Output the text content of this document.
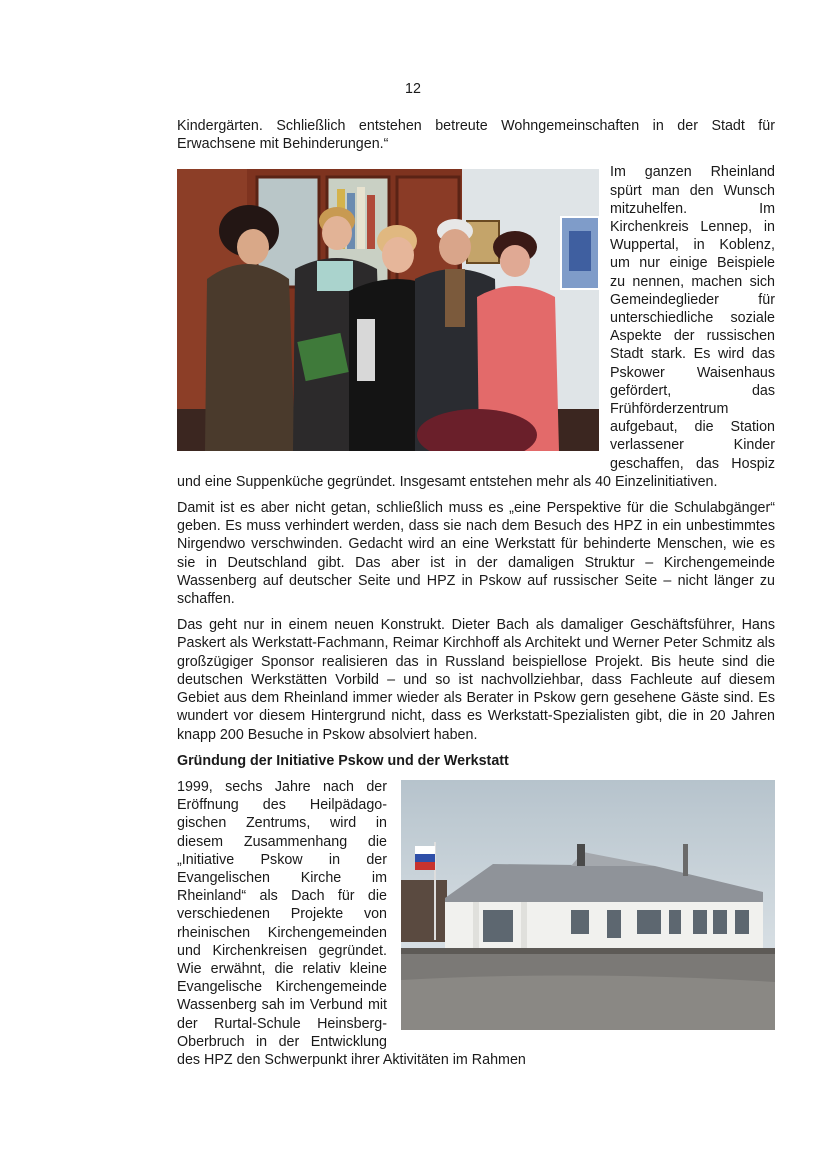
12

Kindergärten. Schließlich entstehen betreute Wohngemeinschaften in der Stadt für Erwachsene mit Behinderungen.“

Im ganzen Rheinland spürt man den Wunsch mitzuhelfen. Im Kirchenkreis Lennep, in Wuppertal, in Koblenz, um nur einige Beispiele zu nennen, machen sich Gemeindeglieder für unterschiedliche soziale Aspekte der russischen Stadt stark. Es wird das Pskower Waisenhaus gefördert, das Frühförderzentrum aufgebaut, die Station verlassener Kinder geschaffen, das Hospiz und eine Suppenküche gegründet. Insgesamt entstehen mehr als 40 Einzelinitiativen.

Damit ist es aber nicht getan, schließlich muss es „eine Perspektive für die Schulabgänger“ geben. Es muss verhindert werden, dass sie nach dem Besuch des HPZ in ein unbestimmtes Nirgendwo verschwinden. Gedacht wird an eine Werkstatt für behinderte Menschen, wie es sie in Deutschland gibt. Das aber ist in der damaligen Struktur – Kirchengemeinde Wassenberg auf deutscher Seite und HPZ in Pskow auf russischer Seite – nicht länger zu schaffen.

Das geht nur in einem neuen Konstrukt. Dieter Bach als damaliger Geschäftsführer, Hans Paskert als Werkstatt-Fachmann, Reimar Kirchhoff als Architekt und Werner Peter Schmitz als großzügiger Sponsor realisieren das in Russland beispiellose Projekt. Bis heute sind die deutschen Werkstätten Vorbild – und so ist nachvollziehbar, dass Fachleute auf diesem Gebiet aus dem Rheinland immer wieder als Berater in Pskow gern gesehene Gäste sind. Es wundert vor diesem Hintergrund nicht, dass es Werkstatt-Spezialisten gibt, die in 20 Jahren knapp 200 Besuche in Pskow absolviert haben.

Gründung der Initiative Pskow und der Werkstatt

1999, sechs Jahre nach der Eröffnung des Heilpädagogischen Zentrums, wird in diesem Zusammenhang die „Initiative Pskow in der Evangelischen Kirche im Rheinland“ als Dach für die verschiedenen Projekte von rheinischen Kirchengemeinden und Kirchenkreisen gegründet. Wie erwähnt, die relativ kleine Evangelische Kirchengemeinde Wassenberg sah im Verbund mit der Rurtal-Schule Heinsberg-Oberbruch in der Entwicklung des HPZ den Schwerpunkt ihrer Aktivitäten im Rahmen
